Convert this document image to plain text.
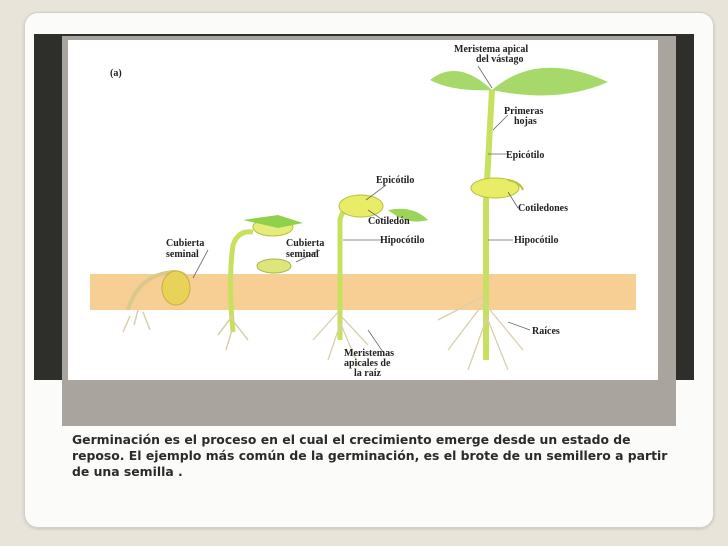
(a)
Cubierta seminal
Cubierta seminal
Epicótilo
Cotiledón
Hipocótilo
Meristemas apicales de la raíz
Meristema apical del vástago
Primeras hojas
Epicótilo
Cotiledones
Hipocótilo
Raíces

Germinación es el proceso en el cual el crecimiento emerge desde un estado de reposo. El ejemplo más común de la germinación, es el brote de un semillero a partir de una semilla .
